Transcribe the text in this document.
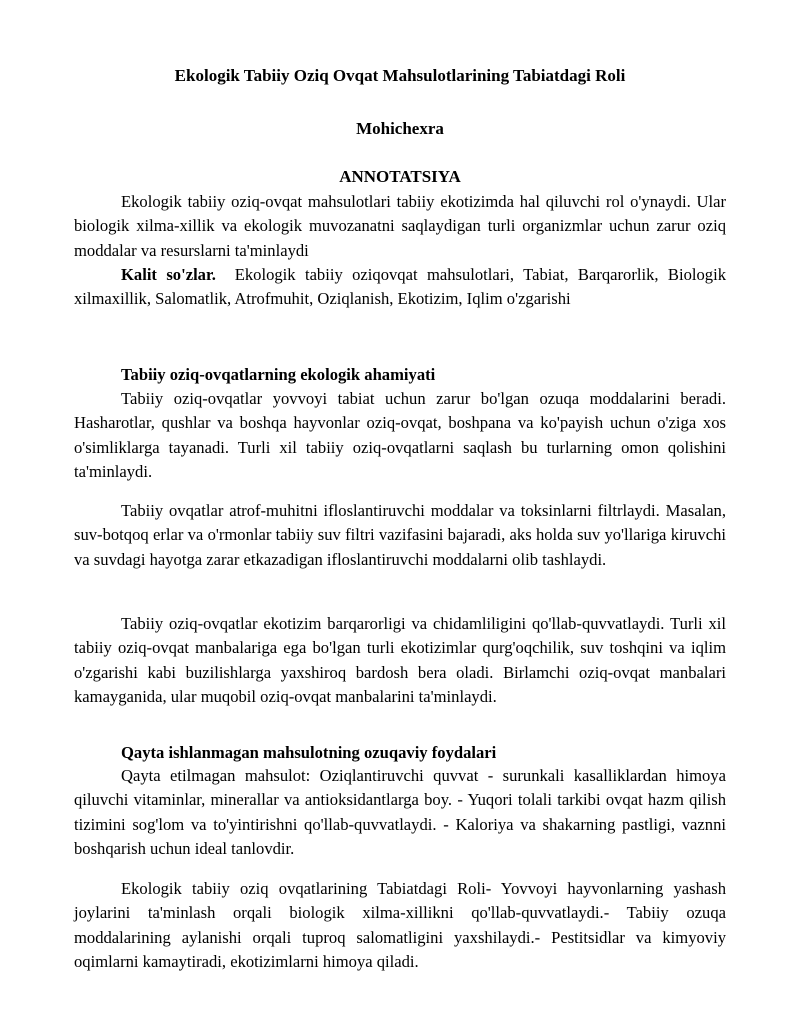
Ekologik Tabiiy Oziq Ovqat Mahsulotlarining Tabiatdagi Roli
Mohichexra
ANNOTATSIYA

Ekologik tabiiy oziq-ovqat mahsulotlari tabiiy ekotizimda hal qiluvchi rol o'ynaydi. Ular biologik xilma-xillik va ekologik muvozanatni saqlaydigan turli organizmlar uchun zarur oziq moddalar va resurslarni ta'minlaydi

Kalit so'zlar. Ekologik tabiiy oziqovqat mahsulotlari, Tabiat, Barqarorlik, Biologik xilmaxillik, Salomatlik, Atrofmuhit, Oziqlanish, Ekotizim, Iqlim o'zgarishi

Tabiiy oziq-ovqatlarning ekologik ahamiyati

Tabiiy oziq-ovqatlar yovvoyi tabiat uchun zarur bo'lgan ozuqa moddalarini beradi. Hasharotlar, qushlar va boshqa hayvonlar oziq-ovqat, boshpana va ko'payish uchun o'ziga xos o'simliklarga tayanadi. Turli xil tabiiy oziq-ovqatlarni saqlash bu turlarning omon qolishini ta'minlaydi.

Tabiiy ovqatlar atrof-muhitni ifloslantiruvchi moddalar va toksinlarni filtrlaydi. Masalan, suv-botqoq erlar va o'rmonlar tabiiy suv filtri vazifasini bajaradi, aks holda suv yo'llariga kiruvchi va suvdagi hayotga zarar etkazadigan ifloslantiruvchi moddalarni olib tashlaydi.

Tabiiy oziq-ovqatlar ekotizim barqarorligi va chidamliligini qo'llab-quvvatlaydi. Turli xil tabiiy oziq-ovqat manbalariga ega bo'lgan turli ekotizimlar qurg'oqchilik, suv toshqini va iqlim o'zgarishi kabi buzilishlarga yaxshiroq bardosh bera oladi. Birlamchi oziq-ovqat manbalari kamayganida, ular muqobil oziq-ovqat manbalarini ta'minlaydi.

Qayta ishlanmagan mahsulotning ozuqaviy foydalari

Qayta etilmagan mahsulot: Oziqlantiruvchi quvvat - surunkali kasalliklardan himoya qiluvchi vitaminlar, minerallar va antioksidantlarga boy. - Yuqori tolali tarkibi ovqat hazm qilish tizimini sog'lom va to'yintirishni qo'llab-quvvatlaydi. - Kaloriya va shakarning pastligi, vaznni boshqarish uchun ideal tanlovdir.

Ekologik tabiiy oziq ovqatlarining Tabiatdagi Roli- Yovvoyi hayvonlarning yashash joylarini ta'minlash orqali biologik xilma-xillikni qo'llab-quvvatlaydi.- Tabiiy ozuqa moddalarining aylanishi orqali tuproq salomatligini yaxshilaydi.- Pestitsidlar va kimyoviy oqimlarni kamaytiradi, ekotizimlarni himoya qiladi.
